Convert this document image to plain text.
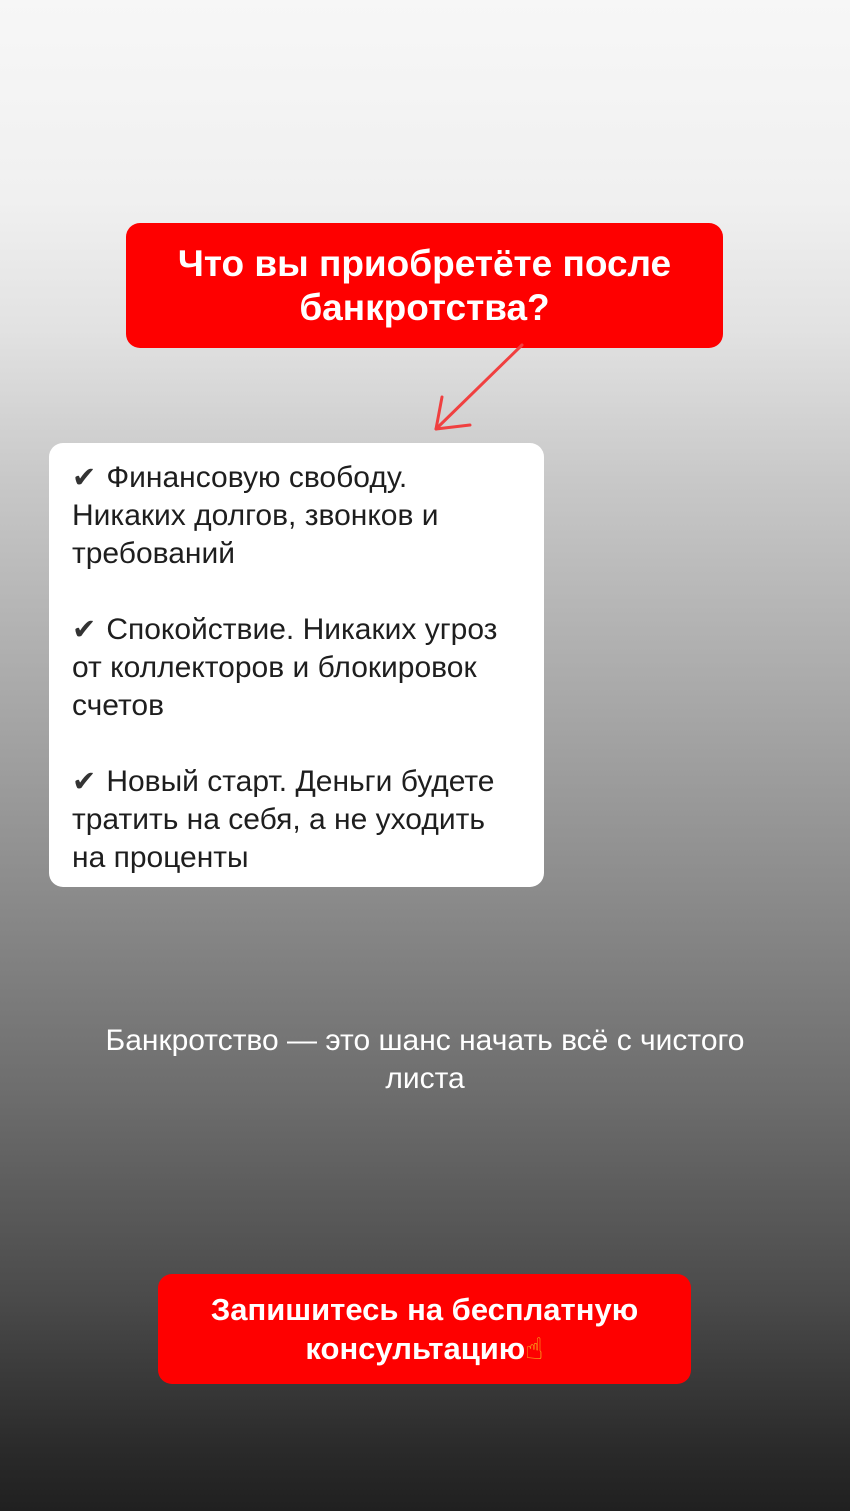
Что вы приобретёте после банкротства?

✔ Финансовую свободу. Никаких долгов, звонков и требований

✔ Спокойствие. Никаких угроз от коллекторов и блокировок счетов

✔ Новый старт. Деньги будете тратить на себя, а не уходить на проценты

Банкротство — это шанс начать всё с чистого листа

Запишитесь на бесплатную консультацию☝
